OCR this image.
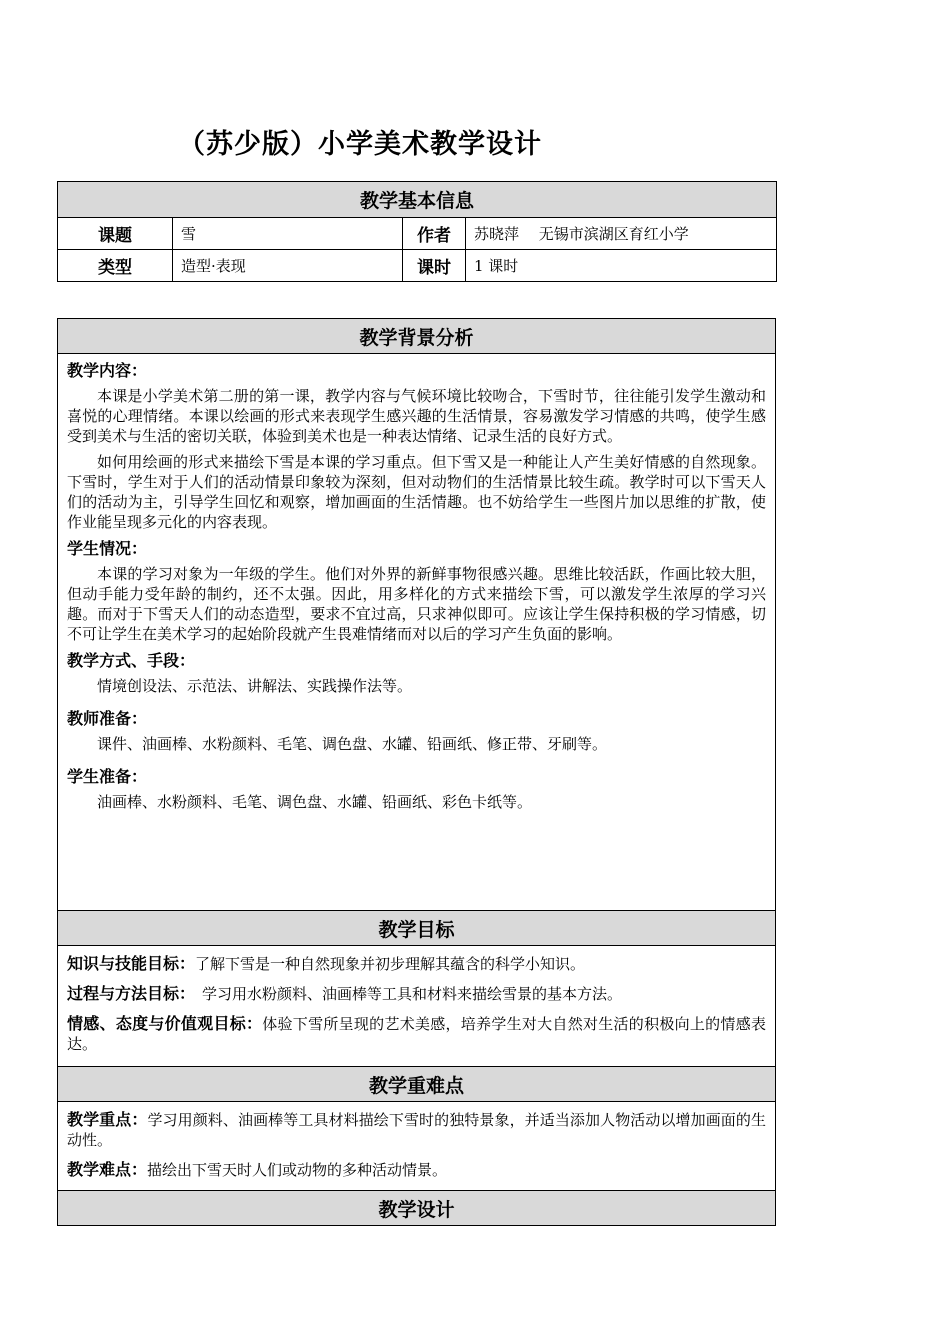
（苏少版）小学美术教学设计
教学基本信息			
课题	雪	作者	苏晓萍　 无锡市滨湖区育红小学
类型	造型·表现	课时	1 课时
教学背景分析

教学内容：

本课是小学美术第二册的第一课，教学内容与气候环境比较吻合，下雪时节，往往能引发学生激动和喜悦的心理情绪。本课以绘画的形式来表现学生感兴趣的生活情景，容易激发学习情感的共鸣，使学生感受到美术与生活的密切关联，体验到美术也是一种表达情绪、记录生活的良好方式。

如何用绘画的形式来描绘下雪是本课的学习重点。但下雪又是一种能让人产生美好情感的自然现象。下雪时，学生对于人们的活动情景印象较为深刻，但对动物们的生活情景比较生疏。教学时可以下雪天人们的活动为主，引导学生回忆和观察，增加画面的生活情趣。也不妨给学生一些图片加以思维的扩散，使作业能呈现多元化的内容表现。

学生情况：

本课的学习对象为一年级的学生。他们对外界的新鲜事物很感兴趣。思维比较活跃，作画比较大胆，但动手能力受年龄的制约，还不太强。因此，用多样化的方式来描绘下雪，可以激发学生浓厚的学习兴趣。而对于下雪天人们的动态造型，要求不宜过高，只求神似即可。应该让学生保持积极的学习情感，切不可让学生在美术学习的起始阶段就产生畏难情绪而对以后的学习产生负面的影响。

教学方式、手段：

情境创设法、示范法、讲解法、实践操作法等。

教师准备：

课件、油画棒、水粉颜料、毛笔、调色盘、水罐、铅画纸、修正带、牙刷等。

学生准备：

油画棒、水粉颜料、毛笔、调色盘、水罐、铅画纸、彩色卡纸等。

教学目标

知识与技能目标：了解下雪是一种自然现象并初步理解其蕴含的科学小知识。
过程与方法目标：　学习用水粉颜料、油画棒等工具和材料来描绘雪景的基本方法。
情感、态度与价值观目标：体验下雪所呈现的艺术美感，培养学生对大自然对生活的积极向上的情感表达。

教学重难点

教学重点：学习用颜料、油画棒等工具材料描绘下雪时的独特景象，并适当添加人物活动以增加画面的生动性。
教学难点：描绘出下雪天时人们或动物的多种活动情景。

教学设计
